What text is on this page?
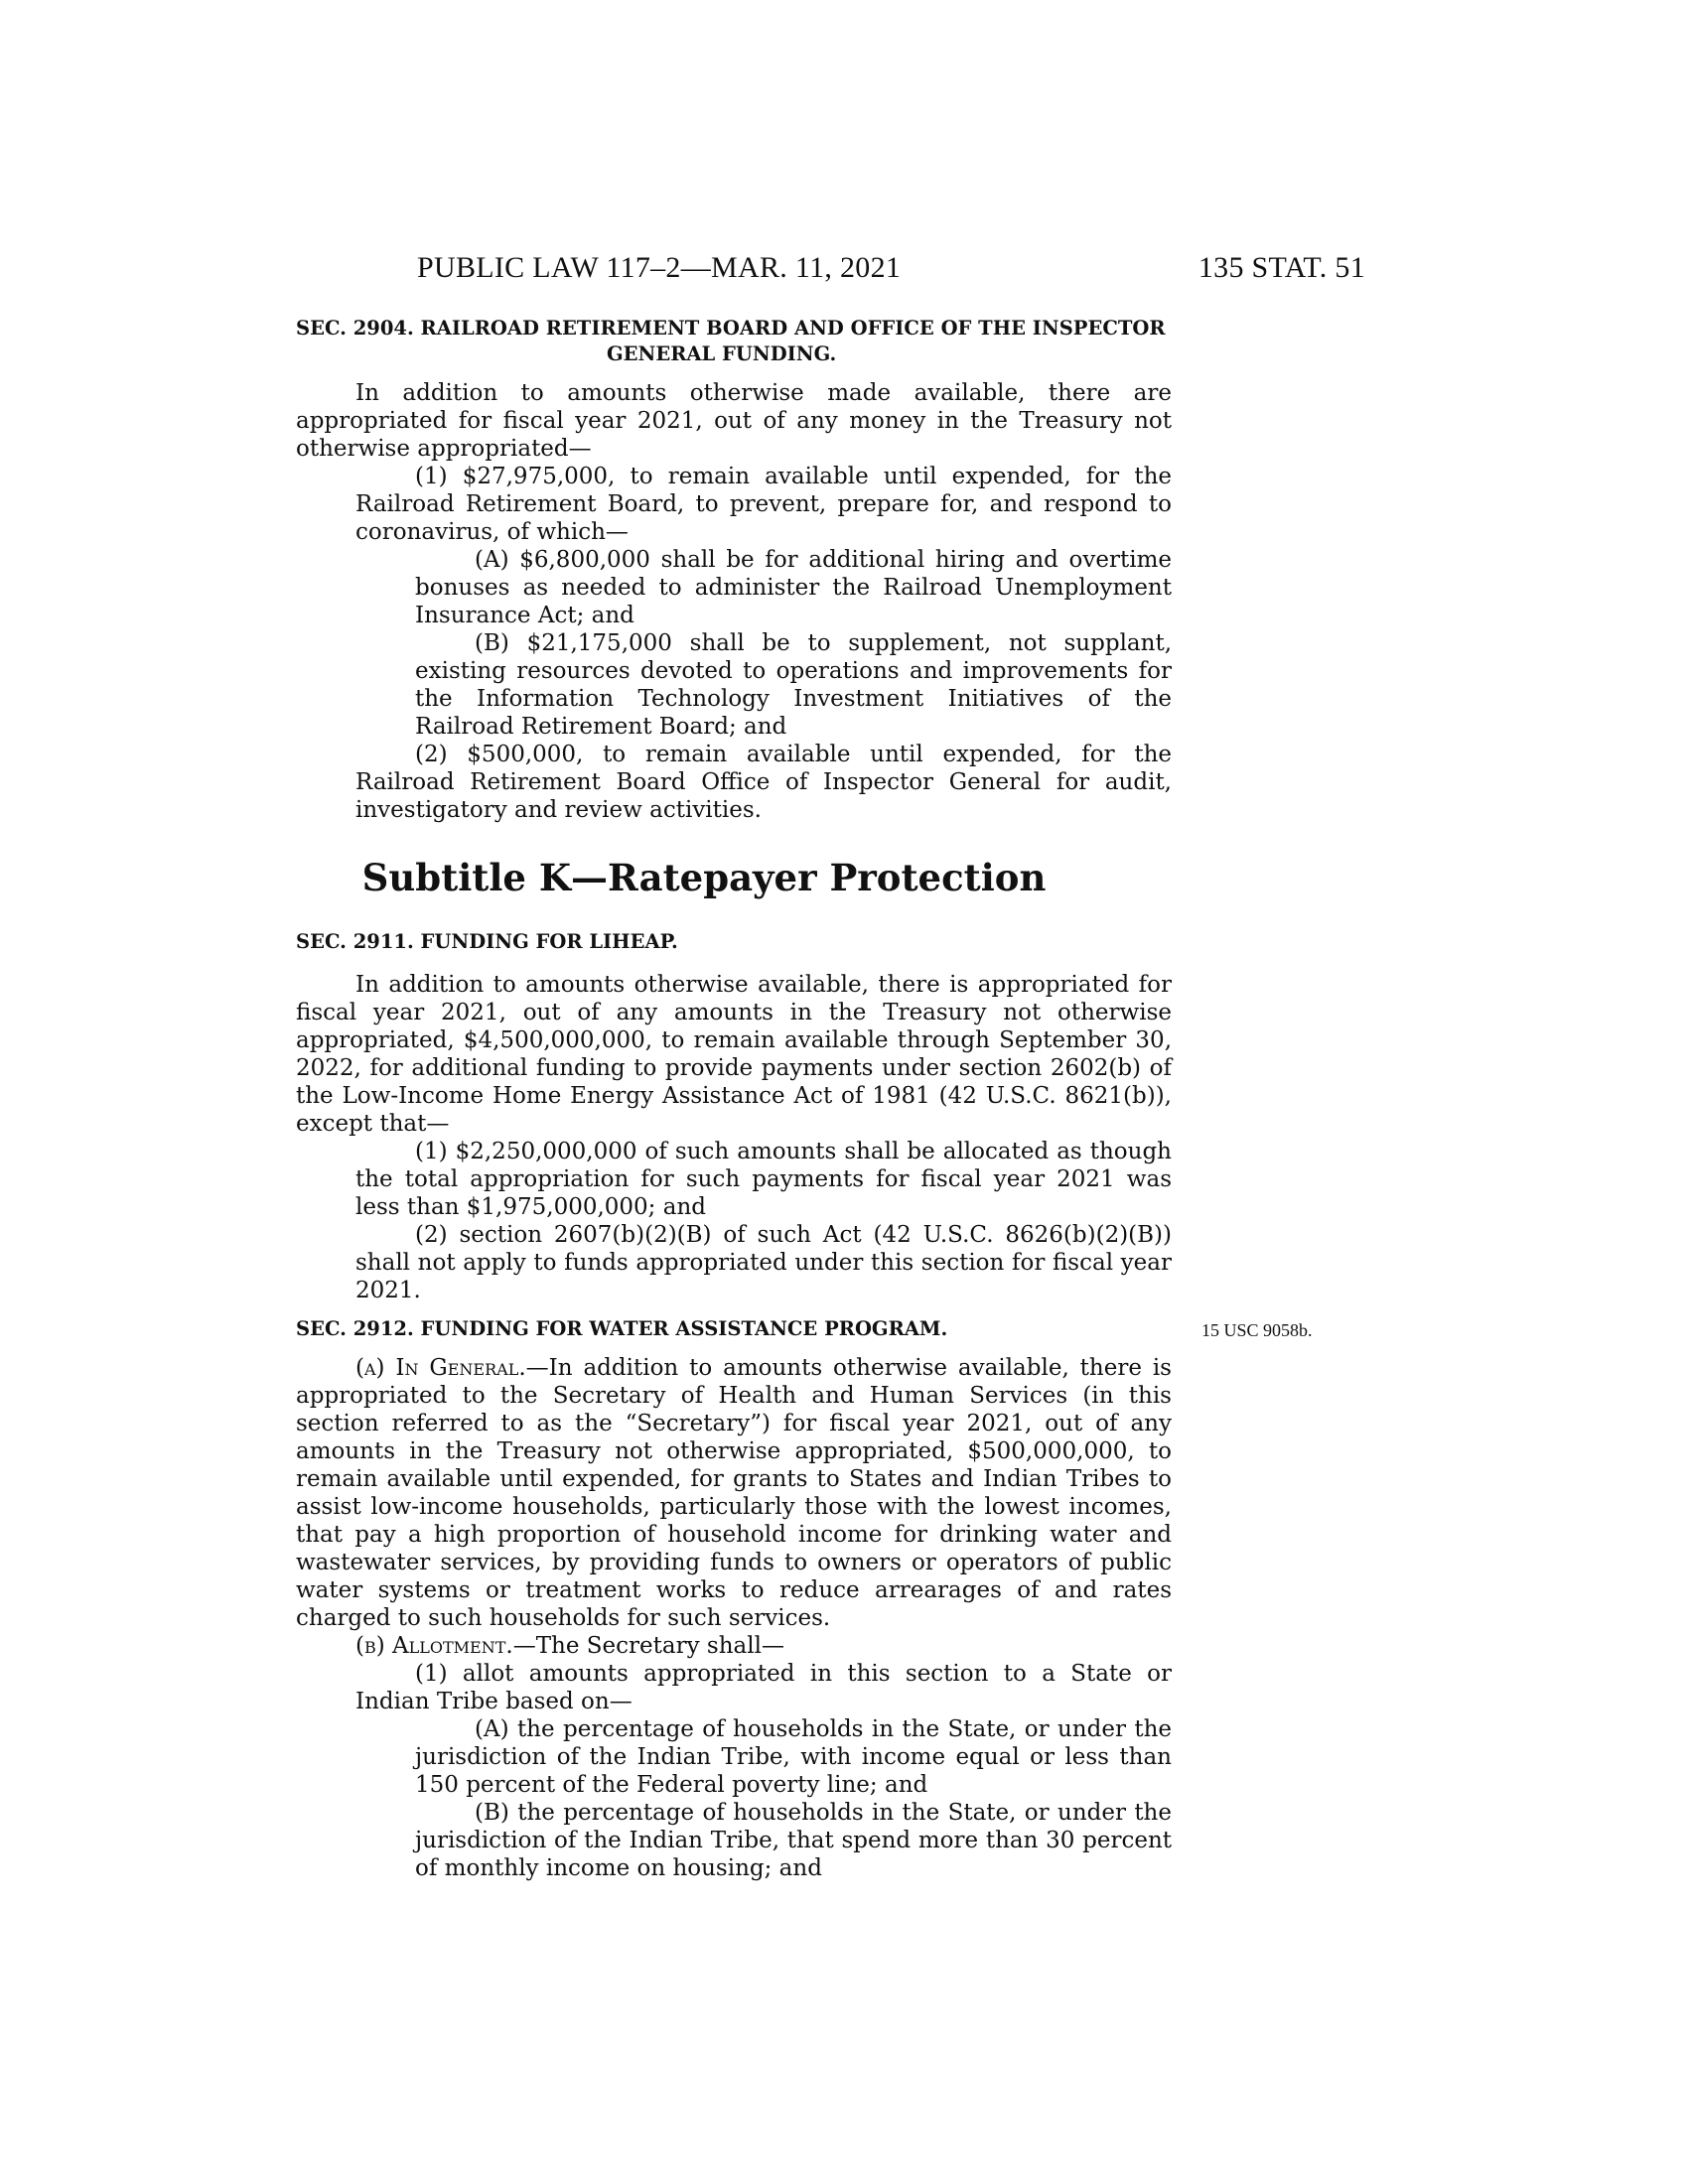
PUBLIC LAW 117–2—MAR. 11, 2021	135 STAT. 51

SEC. 2904. RAILROAD RETIREMENT BOARD AND OFFICE OF THE INSPECTOR GENERAL FUNDING.

In addition to amounts otherwise made available, there are appropriated for fiscal year 2021, out of any money in the Treasury not otherwise appropriated—

(1) $27,975,000, to remain available until expended, for the Railroad Retirement Board, to prevent, prepare for, and respond to coronavirus, of which—

(A) $6,800,000 shall be for additional hiring and overtime bonuses as needed to administer the Railroad Unemployment Insurance Act; and

(B) $21,175,000 shall be to supplement, not supplant, existing resources devoted to operations and improvements for the Information Technology Investment Initiatives of the Railroad Retirement Board; and

(2) $500,000, to remain available until expended, for the Railroad Retirement Board Office of Inspector General for audit, investigatory and review activities.

Subtitle K—Ratepayer Protection

SEC. 2911. FUNDING FOR LIHEAP.

In addition to amounts otherwise available, there is appropriated for fiscal year 2021, out of any amounts in the Treasury not otherwise appropriated, $4,500,000,000, to remain available through September 30, 2022, for additional funding to provide payments under section 2602(b) of the Low-Income Home Energy Assistance Act of 1981 (42 U.S.C. 8621(b)), except that—

(1) $2,250,000,000 of such amounts shall be allocated as though the total appropriation for such payments for fiscal year 2021 was less than $1,975,000,000; and

(2) section 2607(b)(2)(B) of such Act (42 U.S.C. 8626(b)(2)(B)) shall not apply to funds appropriated under this section for fiscal year 2021.

SEC. 2912. FUNDING FOR WATER ASSISTANCE PROGRAM.

(a) In General.—In addition to amounts otherwise available, there is appropriated to the Secretary of Health and Human Services (in this section referred to as the “Secretary”) for fiscal year 2021, out of any amounts in the Treasury not otherwise appropriated, $500,000,000, to remain available until expended, for grants to States and Indian Tribes to assist low-income households, particularly those with the lowest incomes, that pay a high proportion of household income for drinking water and wastewater services, by providing funds to owners or operators of public water systems or treatment works to reduce arrearages of and rates charged to such households for such services.

(b) Allotment.—The Secretary shall—

(1) allot amounts appropriated in this section to a State or Indian Tribe based on—

(A) the percentage of households in the State, or under the jurisdiction of the Indian Tribe, with income equal or less than 150 percent of the Federal poverty line; and

(B) the percentage of households in the State, or under the jurisdiction of the Indian Tribe, that spend more than 30 percent of monthly income on housing; and

15 USC 9058b.
